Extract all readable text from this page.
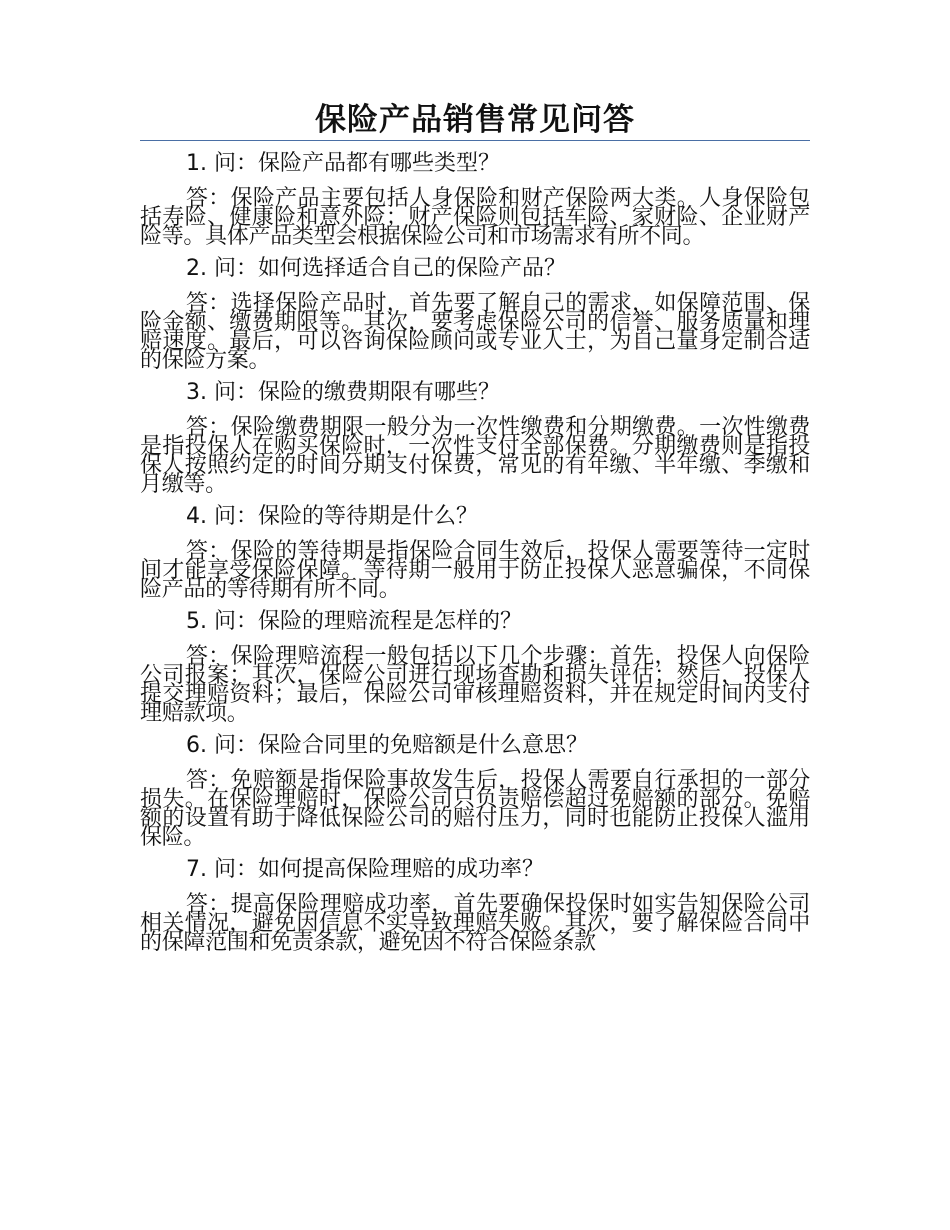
保险产品销售常见问答

1. 问：保险产品都有哪些类型？

答：保险产品主要包括人身保险和财产保险两大类。人身保险包括寿险、健康险和意外险；财产保险则包括车险、家财险、企业财产险等。具体产品类型会根据保险公司和市场需求有所不同。

2. 问：如何选择适合自己的保险产品？

答：选择保险产品时，首先要了解自己的需求，如保障范围、保险金额、缴费期限等。其次，要考虑保险公司的信誉、服务质量和理赔速度。最后，可以咨询保险顾问或专业人士，为自己量身定制合适的保险方案。

3. 问：保险的缴费期限有哪些？

答：保险缴费期限一般分为一次性缴费和分期缴费。一次性缴费是指投保人在购买保险时，一次性支付全部保费。分期缴费则是指投保人按照约定的时间分期支付保费，常见的有年缴、半年缴、季缴和月缴等。

4. 问：保险的等待期是什么？

答：保险的等待期是指保险合同生效后，投保人需要等待一定时间才能享受保险保障。等待期一般用于防止投保人恶意骗保，不同保险产品的等待期有所不同。

5. 问：保险的理赔流程是怎样的？

答：保险理赔流程一般包括以下几个步骤：首先，投保人向保险公司报案；其次，保险公司进行现场查勘和损失评估；然后，投保人提交理赔资料；最后，保险公司审核理赔资料，并在规定时间内支付理赔款项。

6. 问：保险合同里的免赔额是什么意思？

答：免赔额是指保险事故发生后，投保人需要自行承担的一部分损失。在保险理赔时，保险公司只负责赔偿超过免赔额的部分。免赔额的设置有助于降低保险公司的赔付压力，同时也能防止投保人滥用保险。

7. 问：如何提高保险理赔的成功率？

答：提高保险理赔成功率，首先要确保投保时如实告知保险公司相关情况，避免因信息不实导致理赔失败。其次，要了解保险合同中的保障范围和免责条款，避免因不符合保险条款
